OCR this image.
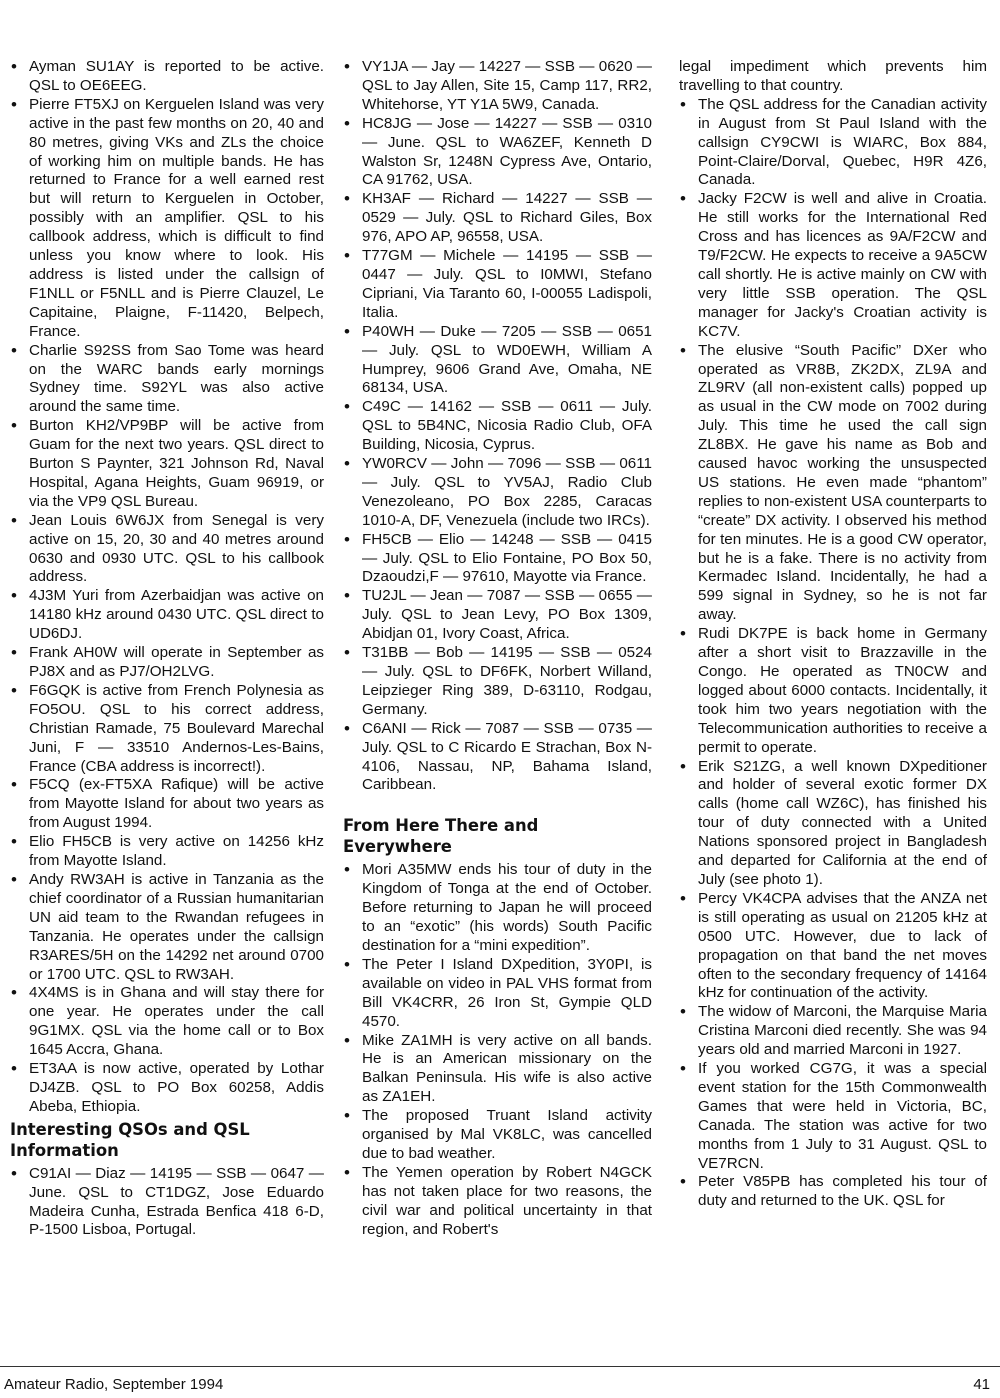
• Ayman SU1AY is reported to be active. QSL to OE6EEG.
• Pierre FT5XJ on Kerguelen Island was very active in the past few months on 20, 40 and 80 metres, giving VKs and ZLs the choice of working him on multiple bands. He has returned to France for a well earned rest but will return to Kerguelen in October, possibly with an amplifier. QSL to his callbook address, which is difficult to find unless you know where to look. His address is listed under the callsign of F1NLL or F5NLL and is Pierre Clauzel, Le Capitaine, Plaigne, F-11420, Belpech, France.
• Charlie S92SS from Sao Tome was heard on the WARC bands early mornings Sydney time. S92YL was also active around the same time.
• Burton KH2/VP9BP will be active from Guam for the next two years. QSL direct to Burton S Paynter, 321 Johnson Rd, Naval Hospital, Agana Heights, Guam 96919, or via the VP9 QSL Bureau.
• Jean Louis 6W6JX from Senegal is very active on 15, 20, 30 and 40 metres around 0630 and 0930 UTC. QSL to his callbook address.
• 4J3M Yuri from Azerbaidjan was active on 14180 kHz around 0430 UTC. QSL direct to UD6DJ.
• Frank AH0W will operate in September as PJ8X and as PJ7/OH2LVG.
• F6GQK is active from French Polynesia as FO5OU. QSL to his correct address, Christian Ramade, 75 Boulevard Marechal Juni, F — 33510 Andernos-Les-Bains, France (CBA address is incorrect!).
• F5CQ (ex-FT5XA Rafique) will be active from Mayotte Island for about two years as from August 1994.
• Elio FH5CB is very active on 14256 kHz from Mayotte Island.
• Andy RW3AH is active in Tanzania as the chief coordinator of a Russian humanitarian UN aid team to the Rwandan refugees in Tanzania. He operates under the callsign R3ARES/5H on the 14292 net around 0700 or 1700 UTC. QSL to RW3AH.
• 4X4MS is in Ghana and will stay there for one year. He operates under the call 9G1MX. QSL via the home call or to Box 1645 Accra, Ghana.
• ET3AA is now active, operated by Lothar DJ4ZB. QSL to PO Box 60258, Addis Abeba, Ethiopia.
Interesting QSOs and QSL Information
• C91AI — Diaz — 14195 — SSB — 0647 — June. QSL to CT1DGZ, Jose Eduardo Madeira Cunha, Estrada Benfica 418 6-D, P-1500 Lisboa, Portugal.
• VY1JA — Jay — 14227 — SSB — 0620 — QSL to Jay Allen, Site 15, Camp 117, RR2, Whitehorse, YT Y1A 5W9, Canada.
• HC8JG — Jose — 14227 — SSB — 0310 — June. QSL to WA6ZEF, Kenneth D Walston Sr, 1248N Cypress Ave, Ontario, CA 91762, USA.
• KH3AF — Richard — 14227 — SSB — 0529 — July. QSL to Richard Giles, Box 976, APO AP, 96558, USA.
• T77GM — Michele — 14195 — SSB — 0447 — July. QSL to I0MWI, Stefano Cipriani, Via Taranto 60, I-00055 Ladispoli, Italia.
• P40WH — Duke — 7205 — SSB — 0651 — July. QSL to WD0EWH, William A Humprey, 9606 Grand Ave, Omaha, NE 68134, USA.
• C49C — 14162 — SSB — 0611 — July. QSL to 5B4NC, Nicosia Radio Club, OFA Building, Nicosia, Cyprus.
• YW0RCV — John — 7096 — SSB — 0611 — July. QSL to YV5AJ, Radio Club Venezoleano, PO Box 2285, Caracas 1010-A, DF, Venezuela (include two IRCs).
• FH5CB — Elio — 14248 — SSB — 0415 — July. QSL to Elio Fontaine, PO Box 50, Dzaoudzi,F — 97610, Mayotte via France.
• TU2JL — Jean — 7087 — SSB — 0655 — July. QSL to Jean Levy, PO Box 1309, Abidjan 01, Ivory Coast, Africa.
• T31BB — Bob — 14195 — SSB — 0524 — July. QSL to DF6FK, Norbert Willand, Leipzieger Ring 389, D-63110, Rodgau, Germany.
• C6ANI — Rick — 7087 — SSB — 0735 — July. QSL to C Ricardo E Strachan, Box N-4106, Nassau, NP, Bahama Island, Caribbean.
From Here There and Everywhere
• Mori A35MW ends his tour of duty in the Kingdom of Tonga at the end of October. Before returning to Japan he will proceed to an “exotic” (his words) South Pacific destination for a “mini expedition”.
• The Peter I Island DXpedition, 3Y0PI, is available on video in PAL VHS format from Bill VK4CRR, 26 Iron St, Gympie QLD 4570.
• Mike ZA1MH is very active on all bands. He is an American missionary on the Balkan Peninsula. His wife is also active as ZA1EH.
• The proposed Truant Island activity organised by Mal VK8LC, was cancelled due to bad weather.
• The Yemen operation by Robert N4GCK has not taken place for two reasons, the civil war and political uncertainty in that region, and Robert's
legal impediment which prevents him travelling to that country.
• The QSL address for the Canadian activity in August from St Paul Island with the callsign CY9CWI is WIARC, Box 884, Point-Claire/Dorval, Quebec, H9R 4Z6, Canada.
• Jacky F2CW is well and alive in Croatia. He still works for the International Red Cross and has licences as 9A/F2CW and T9/F2CW. He expects to receive a 9A5CW call shortly. He is active mainly on CW with very little SSB operation. The QSL manager for Jacky's Croatian activity is KC7V.
• The elusive “South Pacific” DXer who operated as VR8B, ZK2DX, ZL9A and ZL9RV (all non-existent calls) popped up as usual in the CW mode on 7002 during July. This time he used the call sign ZL8BX. He gave his name as Bob and caused havoc working the unsuspected US stations. He even made “phantom” replies to non-existent USA counterparts to “create” DX activity. I observed his method for ten minutes. He is a good CW operator, but he is a fake. There is no activity from Kermadec Island. Incidentally, he had a 599 signal in Sydney, so he is not far away.
• Rudi DK7PE is back home in Germany after a short visit to Brazzaville in the Congo. He operated as TN0CW and logged about 6000 contacts. Incidentally, it took him two years negotiation with the Telecommunication authorities to receive a permit to operate.
• Erik S21ZG, a well known DXpeditioner and holder of several exotic former DX calls (home call WZ6C), has finished his tour of duty connected with a United Nations sponsored project in Bangladesh and departed for California at the end of July (see photo 1).
• Percy VK4CPA advises that the ANZA net is still operating as usual on 21205 kHz at 0500 UTC. However, due to lack of propagation on that band the net moves often to the secondary frequency of 14164 kHz for continuation of the activity.
• The widow of Marconi, the Marquise Maria Cristina Marconi died recently. She was 94 years old and married Marconi in 1927.
• If you worked CG7G, it was a special event station for the 15th Commonwealth Games that were held in Victoria, BC, Canada. The station was active for two months from 1 July to 31 August. QSL to VE7RCN.
• Peter V85PB has completed his tour of duty and returned to the UK. QSL for
Amateur Radio, September 1994	41
